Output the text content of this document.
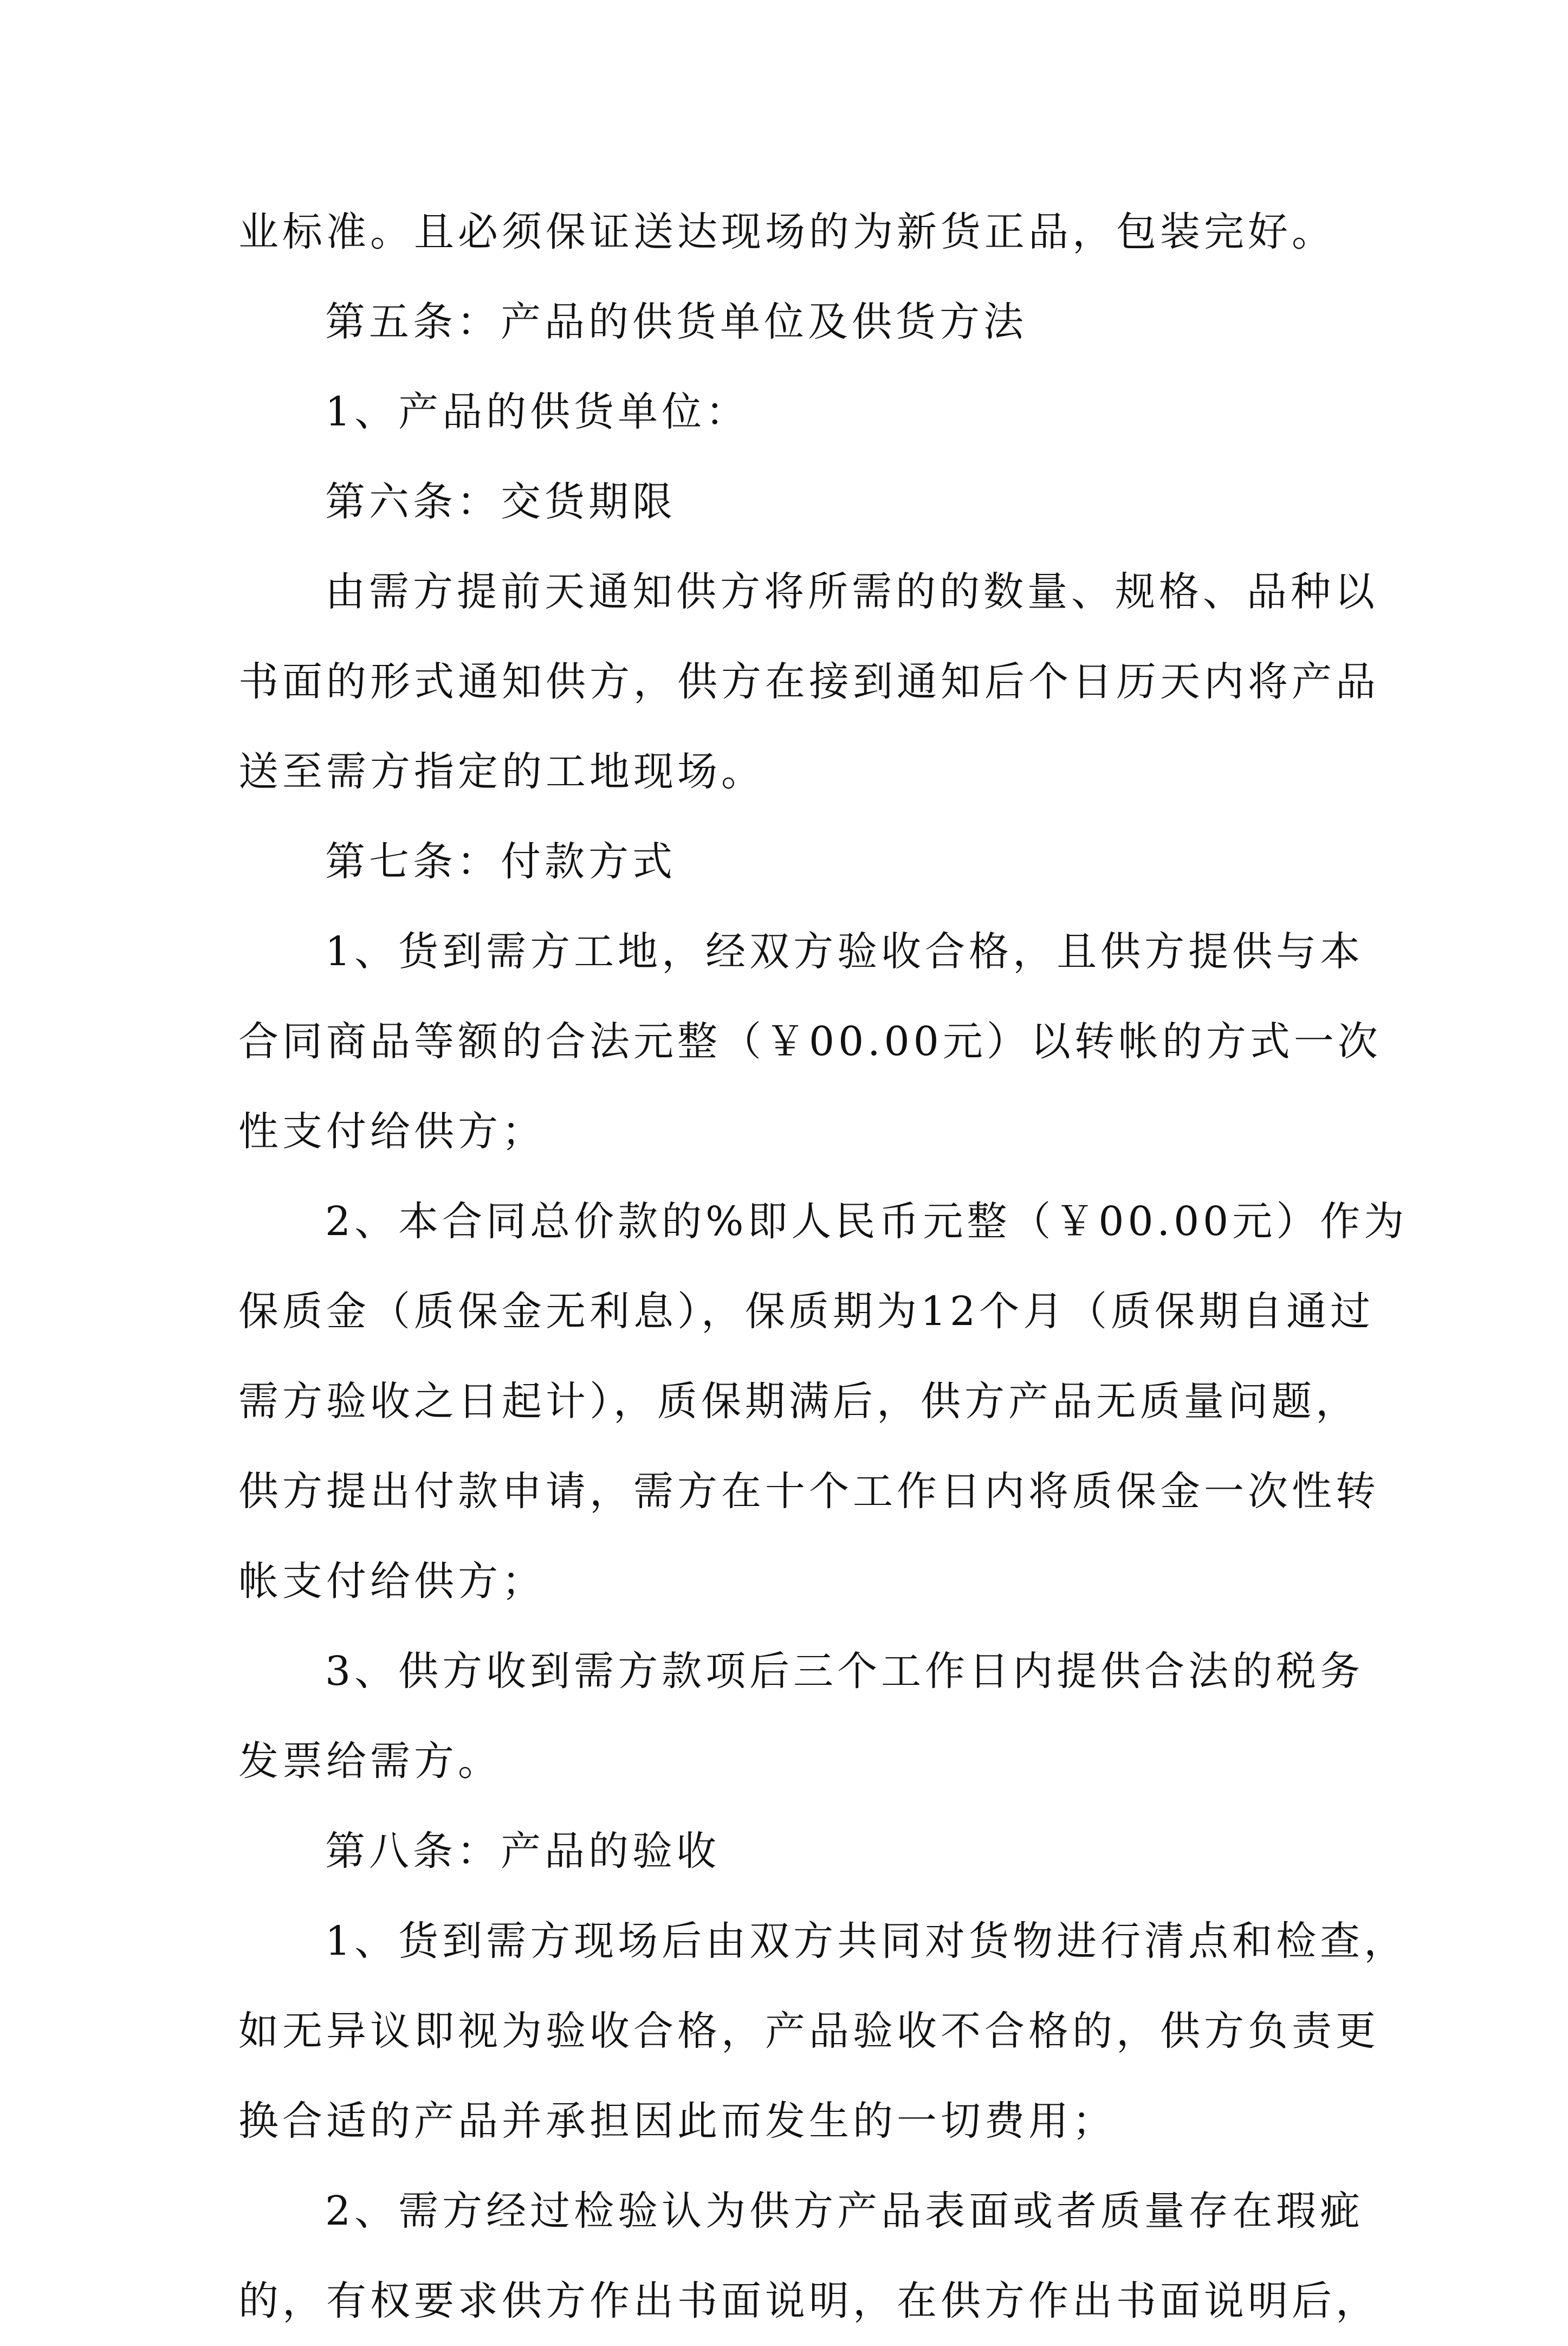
业标准。且必须保证送达现场的为新货正品，包装完好。
第五条：产品的供货单位及供货方法
1、产品的供货单位：
第六条：交货期限
由需方提前天通知供方将所需的的数量、规格、品种以
书面的形式通知供方，供方在接到通知后个日历天内将产品
送至需方指定的工地现场。
第七条：付款方式
1、货到需方工地，经双方验收合格，且供方提供与本
合同商品等额的合法元整（￥00.00元）以转帐的方式一次
性支付给供方；
2、本合同总价款的%即人民币元整（￥00.00元）作为
保质金（质保金无利息），保质期为12个月（质保期自通过
需方验收之日起计），质保期满后，供方产品无质量问题，
供方提出付款申请，需方在十个工作日内将质保金一次性转
帐支付给供方；
3、供方收到需方款项后三个工作日内提供合法的税务
发票给需方。
第八条：产品的验收
1、货到需方现场后由双方共同对货物进行清点和检查，
如无异议即视为验收合格，产品验收不合格的，供方负责更
换合适的产品并承担因此而发生的一切费用；
2、需方经过检验认为供方产品表面或者质量存在瑕疵
的，有权要求供方作出书面说明，在供方作出书面说明后，
